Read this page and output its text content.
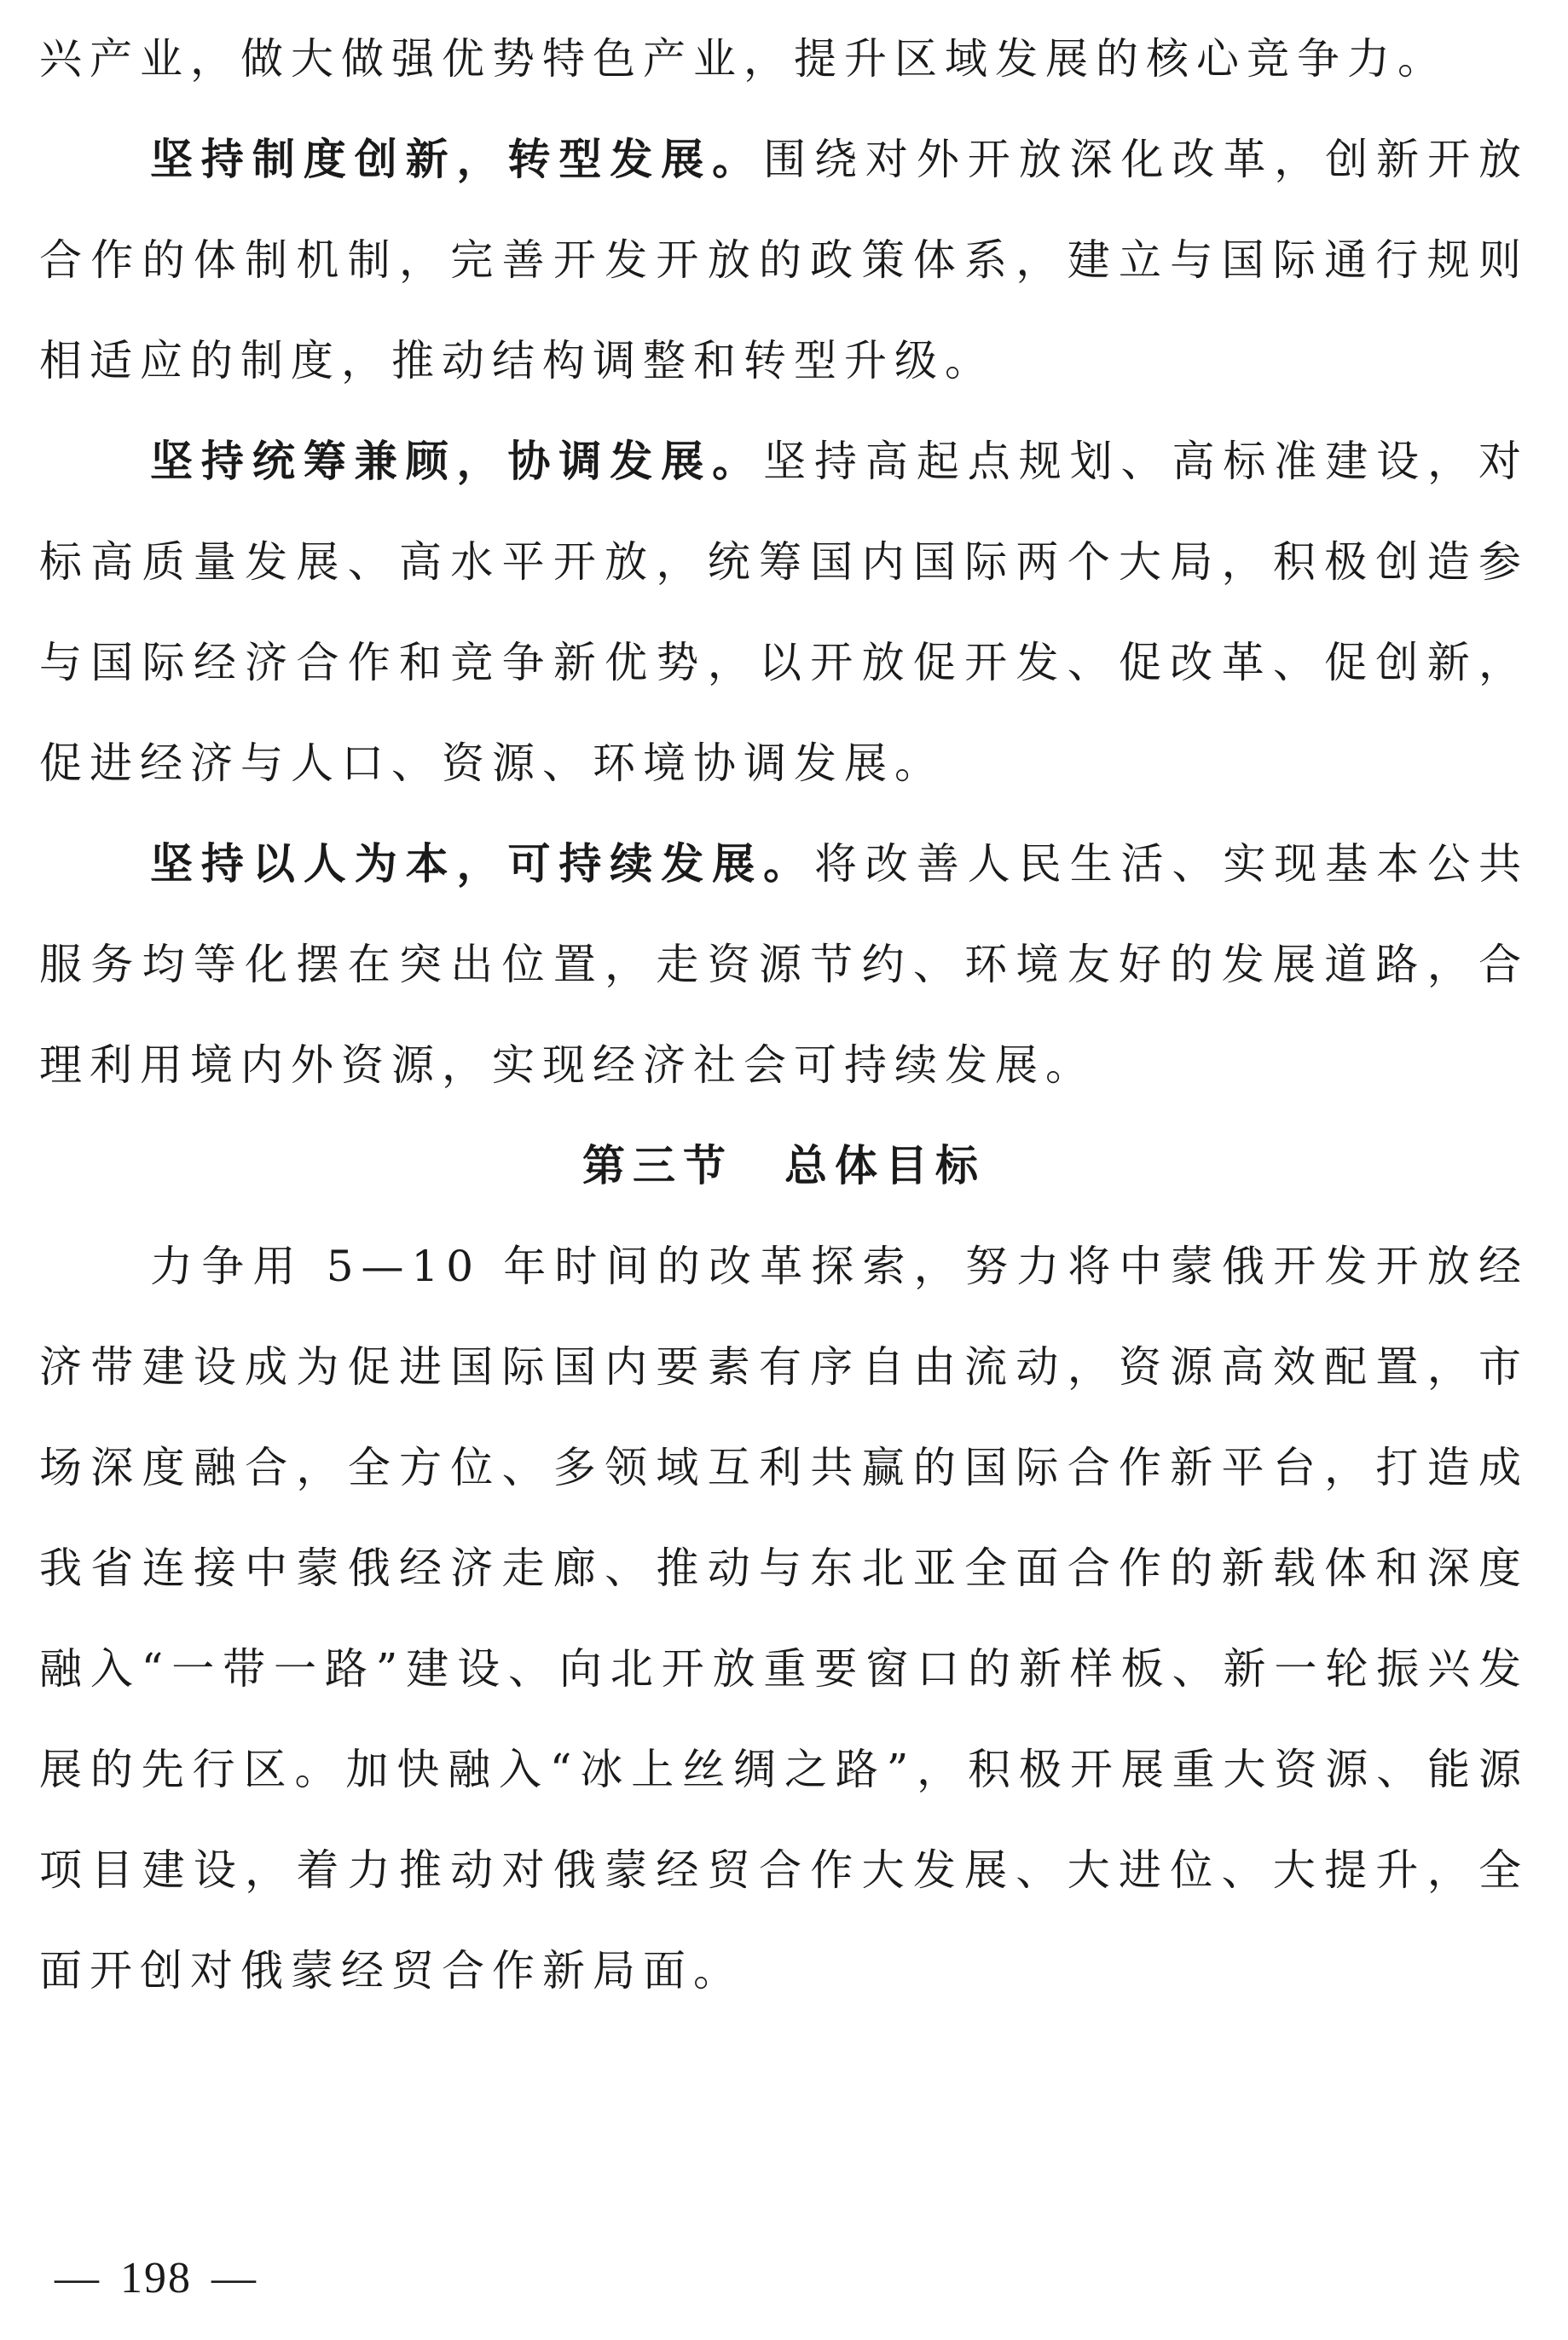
兴产业，做大做强优势特色产业，提升区域发展的核心竞争力。

坚持制度创新，转型发展。围绕对外开放深化改革，创新开放合作的体制机制，完善开发开放的政策体系，建立与国际通行规则相适应的制度，推动结构调整和转型升级。

坚持统筹兼顾，协调发展。坚持高起点规划、高标准建设，对标高质量发展、高水平开放，统筹国内国际两个大局，积极创造参与国际经济合作和竞争新优势，以开放促开发、促改革、促创新，促进经济与人口、资源、环境协调发展。

坚持以人为本，可持续发展。将改善人民生活、实现基本公共服务均等化摆在突出位置，走资源节约、环境友好的发展道路，合理利用境内外资源，实现经济社会可持续发展。

第三节 总体目标

力争用 5—10 年时间的改革探索，努力将中蒙俄开发开放经济带建设成为促进国际国内要素有序自由流动，资源高效配置，市场深度融合，全方位、多领域互利共赢的国际合作新平台，打造成我省连接中蒙俄经济走廊、推动与东北亚全面合作的新载体和深度融入“一带一路”建设、向北开放重要窗口的新样板、新一轮振兴发展的先行区。加快融入“冰上丝绸之路”，积极开展重大资源、能源项目建设，着力推动对俄蒙经贸合作大发展、大进位、大提升，全面开创对俄蒙经贸合作新局面。

— 198 —
